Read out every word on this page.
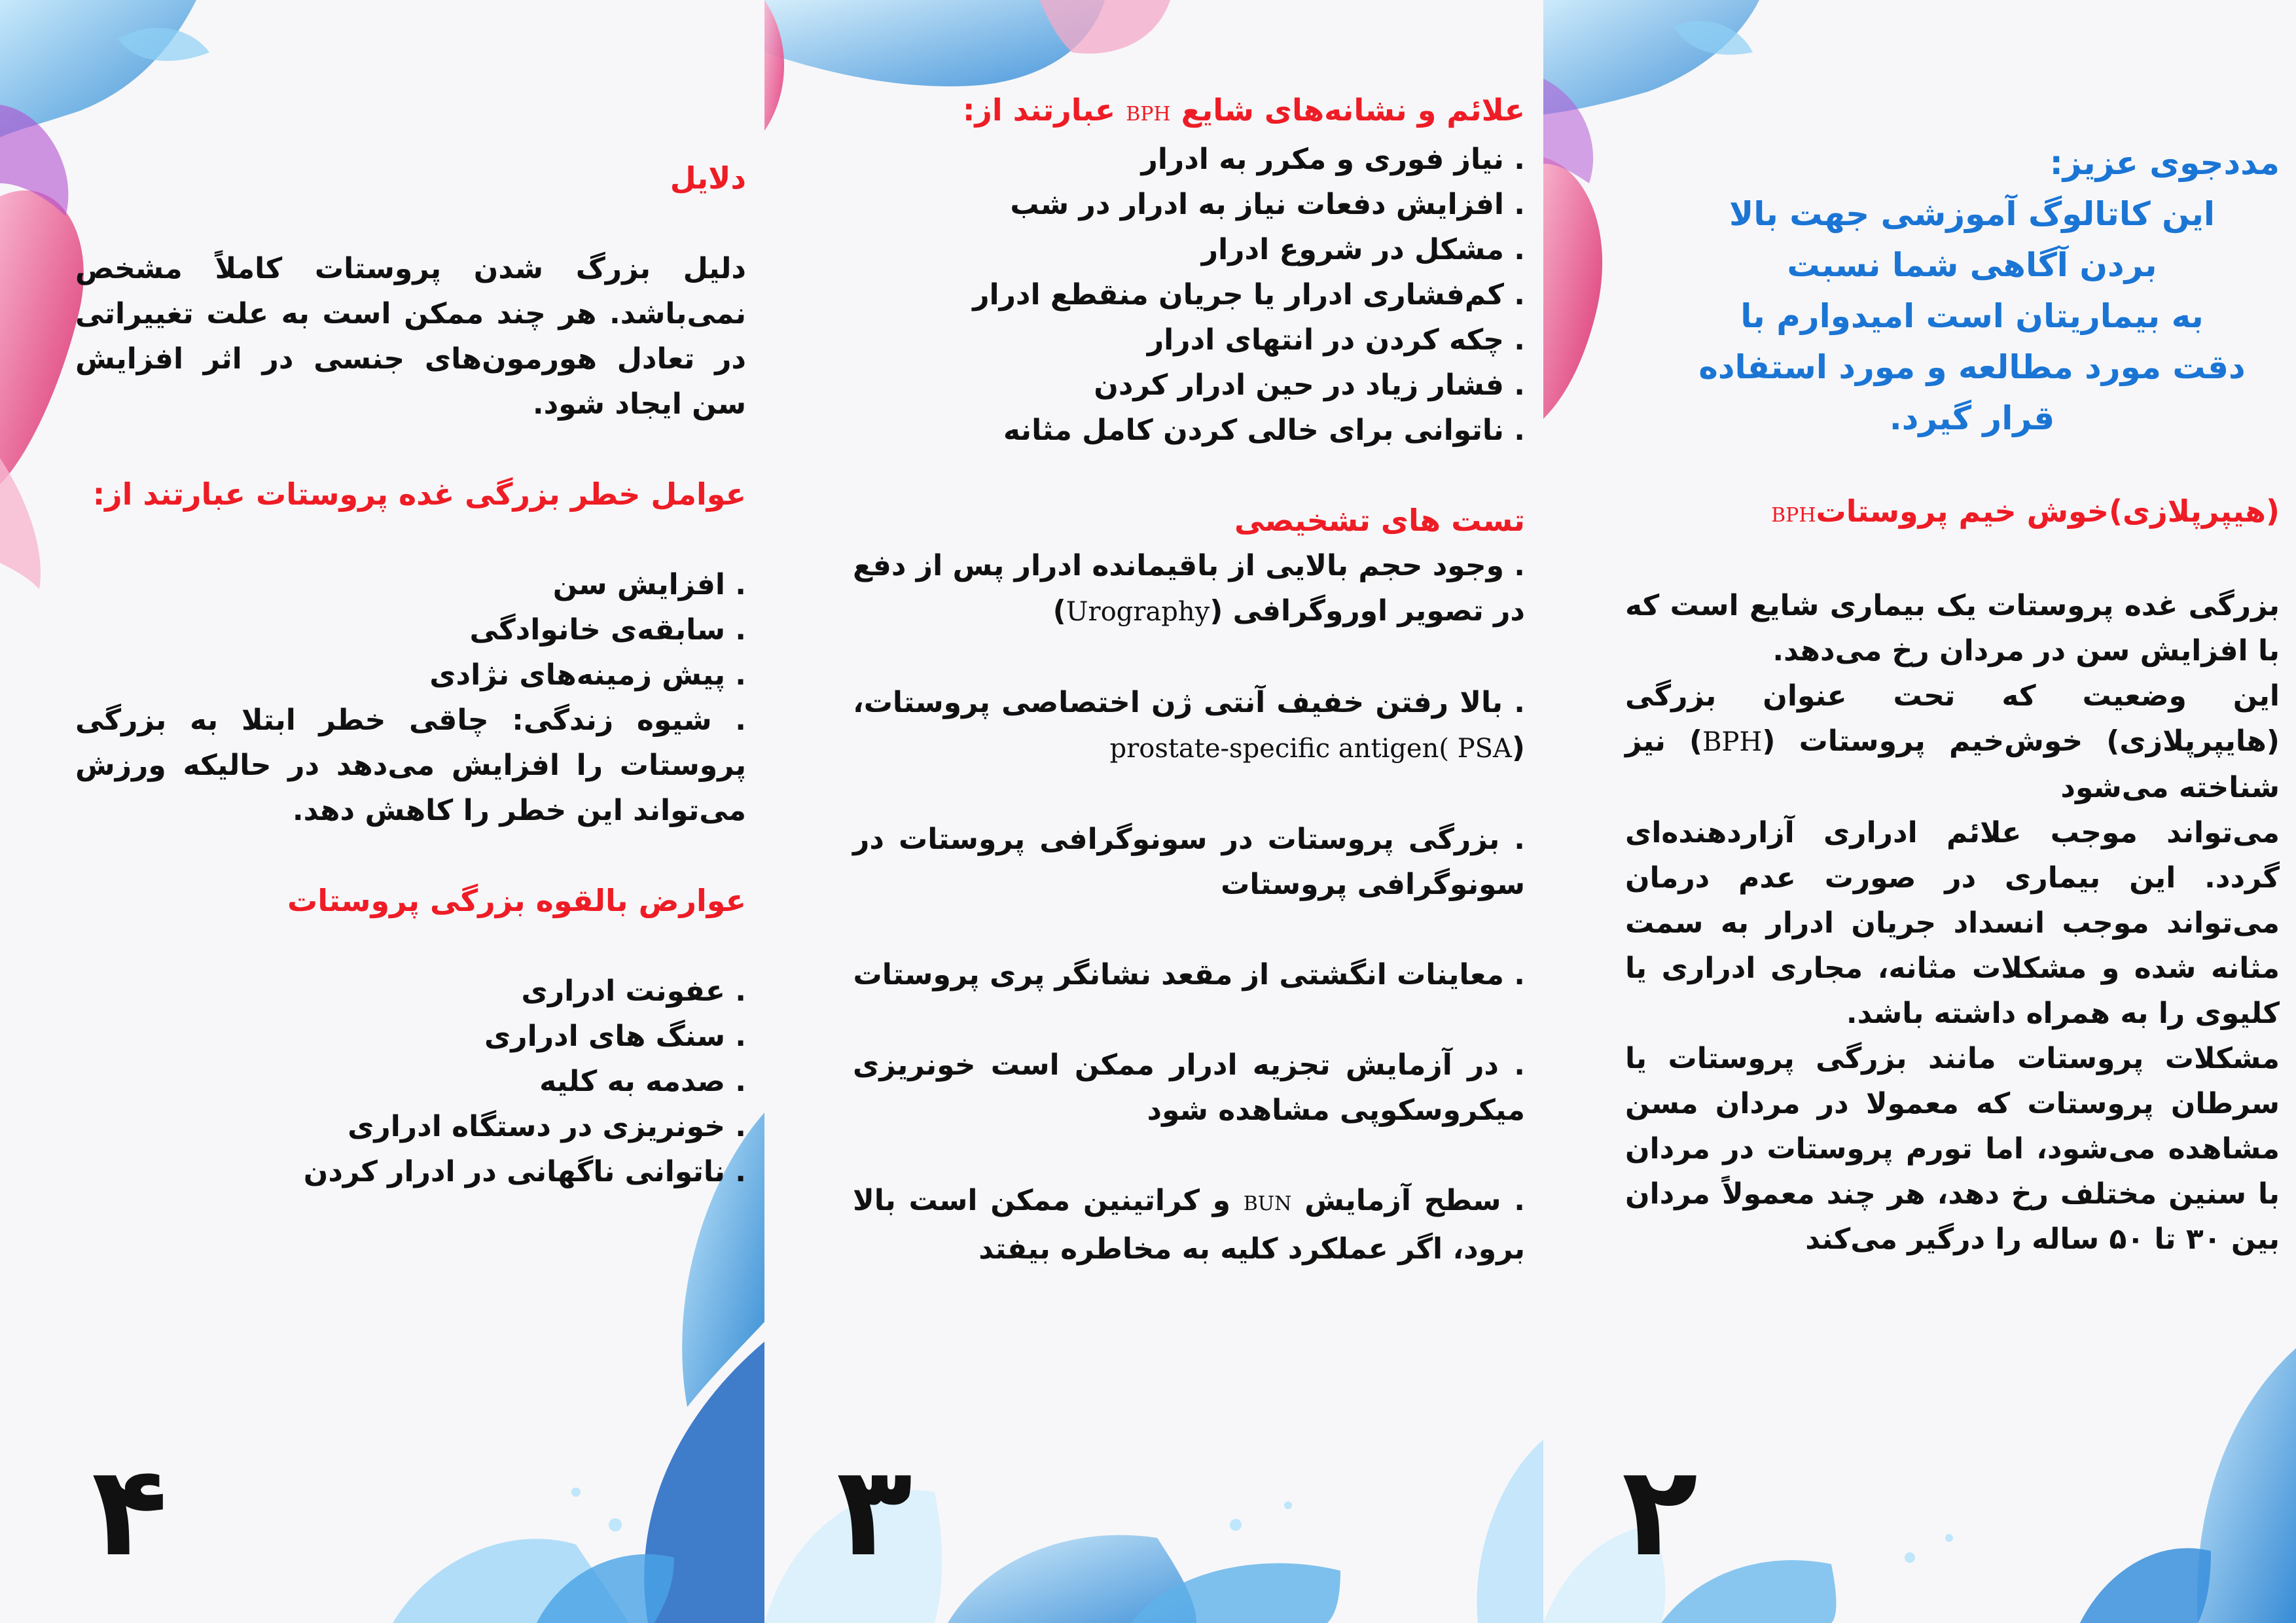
دلایل

دلیل بزرگ شدن پروستات کاملاً مشخص نمی‌باشد. هر چند ممکن است به علت تغییراتی در تعادل هورمون‌های جنسی در اثر افزایش سن ایجاد شود.

عوامل خطر بزرگی غده پروستات عبارتند از:

. افزایش سن

. سابقه‌ی خانوادگی

. پیش زمینه‌های نژادی

. شیوه زندگی: چاقی خطر ابتلا به بزرگی پروستات را افزایش می‌دهد در حالیکه ورزش می‌تواند این خطر را کاهش دهد.

عوارض بالقوه بزرگی پروستات

. عفونت ادراری

. سنگ های ادراری

. صدمه به کلیه

. خونریزی در دستگاه ادراری

. ناتوانی ناگهانی در ادرار کردن

۴

علائم و نشانه‌های شایع BPH عبارتند از:

. نیاز فوری و مکرر به ادرار

. افزایش دفعات نیاز به ادرار در شب

. مشکل در شروع ادرار

. کم‌فشاری ادرار یا جریان منقطع ادرار

. چکه کردن در انتهای ادرار

. فشار زیاد در حین ادرار کردن

. ناتوانی برای خالی کردن کامل مثانه

تست های تشخیصی

. وجود حجم بالایی از باقیمانده ادرار پس از دفع در تصویر اوروگرافی (Urography)

. بالا رفتن خفیف آنتی ژن اختصاصی پروستات، (PSA )prostate-specific antigen

. بزرگی پروستات در سونوگرافی پروستات در سونوگرافی پروستات

. معاینات انگشتی از مقعد نشانگر پری پروستات

. در آزمایش تجزیه ادرار ممکن است خونریزی میکروسکوپی مشاهده شود

. سطح آزمایش BUN و کراتینین ممکن است بالا برود، اگر عملکرد کلیه به مخاطره بیفتد

۳

مددجوی عزیز:

این کاتالوگ آموزشی جهت بالا

بردن آگاهی شما نسبت

به بیماریتان است امیدوارم با

دقت مورد مطالعه و مورد استفاده

قرار گیرد.

(هیپرپلازی)خوش خیم پروستاتBPH

بزرگی غده پروستات یک بیماری شایع است که با افزایش سن در مردان رخ می‌دهد.

این وضعیت که تحت عنوان بزرگی (هایپرپلازی) خوش‌خیم پروستات (BPH) نیز شناخته می‌شود

می‌تواند موجب علائم ادراری آزاردهنده‌ای گردد. این بیماری در صورت عدم درمان می‌تواند موجب انسداد جریان ادرار به سمت مثانه شده و مشکلات مثانه، مجاری ادراری یا کلیوی را به همراه داشته باشد.

مشکلات پروستات مانند بزرگی پروستات یا سرطان پروستات که معمولا در مردان مسن مشاهده می‌شود، اما تورم پروستات در مردان با سنین مختلف رخ دهد، هر چند معمولاً مردان بین ۳۰ تا ۵۰ ساله را درگیر می‌کند

۲
